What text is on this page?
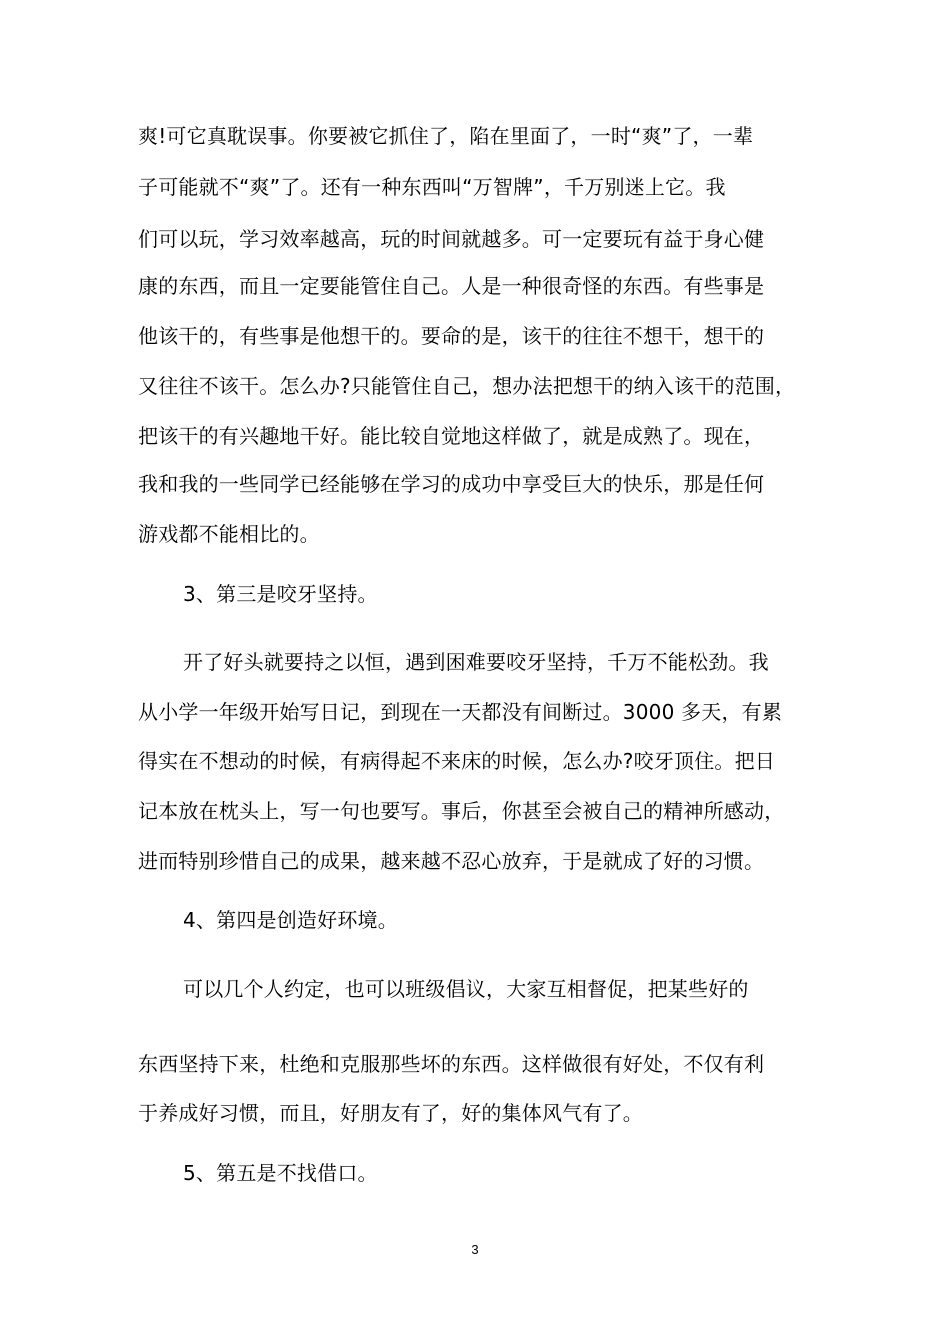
爽!可它真耽误事。你要被它抓住了，陷在里面了，一时“爽”了，一辈
子可能就不“爽”了。还有一种东西叫“万智牌”，千万别迷上它。我
们可以玩，学习效率越高，玩的时间就越多。可一定要玩有益于身心健
康的东西，而且一定要能管住自己。人是一种很奇怪的东西。有些事是
他该干的，有些事是他想干的。要命的是，该干的往往不想干，想干的
又往往不该干。怎么办?只能管住自己，想办法把想干的纳入该干的范围，
把该干的有兴趣地干好。能比较自觉地这样做了，就是成熟了。现在，
我和我的一些同学已经能够在学习的成功中享受巨大的快乐，那是任何
游戏都不能相比的。
3、第三是咬牙坚持。
开了好头就要持之以恒，遇到困难要咬牙坚持，千万不能松劲。我
从小学一年级开始写日记，到现在一天都没有间断过。3000 多天，有累
得实在不想动的时候，有病得起不来床的时候，怎么办?咬牙顶住。把日
记本放在枕头上，写一句也要写。事后，你甚至会被自己的精神所感动，
进而特别珍惜自己的成果，越来越不忍心放弃，于是就成了好的习惯。
4、第四是创造好环境。
可以几个人约定，也可以班级倡议，大家互相督促，把某些好的
东西坚持下来，杜绝和克服那些坏的东西。这样做很有好处，不仅有利
于养成好习惯，而且，好朋友有了，好的集体风气有了。
5、第五是不找借口。
3
